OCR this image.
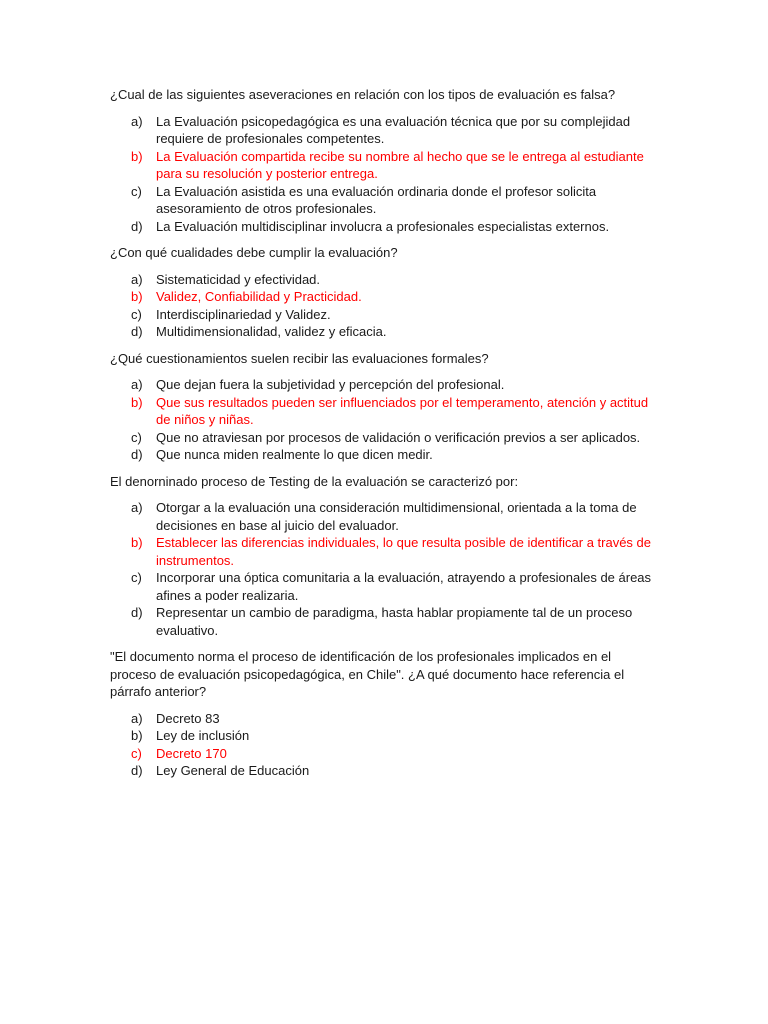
¿Cual de las siguientes aseveraciones en relación con los tipos de evaluación es falsa?

a)	La Evaluación psicopedagógica es una evaluación técnica que por su complejidad requiere de profesionales competentes.
b)	La Evaluación compartida recibe su nombre al hecho que se le entrega al estudiante para su resolución y posterior entrega.
c)	La Evaluación asistida es una evaluación ordinaria donde el profesor solicita asesoramiento de otros profesionales.
d)	La Evaluación multidisciplinar involucra a profesionales especialistas externos.

¿Con qué cualidades debe cumplir la evaluación?

a)	Sistematicidad y efectividad.
b)	Validez, Confiabilidad y Practicidad.
c)	Interdisciplinariedad y Validez.
d)	Multidimensionalidad, validez y eficacia.

¿Qué cuestionamientos suelen recibir las evaluaciones formales?

a)	Que dejan fuera la subjetividad y percepción del profesional.
b)	Que sus resultados pueden ser influenciados por el temperamento, atención y actitud de niños y niñas.
c)	Que no atraviesan por procesos de validación o verificación previos a ser aplicados.
d)	Que nunca miden realmente lo que dicen medir.

El denorninado proceso de Testing de la evaluación se caracterizó por:

a)	Otorgar a la evaluación una consideración multidimensional, orientada a la toma de decisiones en base al juicio del evaluador.
b)	Establecer las diferencias individuales, lo que resulta posible de identificar a través de instrumentos.
c)	Incorporar una óptica comunitaria a la evaluación, atrayendo a profesionales de áreas afines a poder realizaria.
d)	Representar un cambio de paradigma, hasta hablar propiamente tal de un proceso evaluativo.

"El documento norma el proceso de identificación de los profesionales implicados en el proceso de evaluación psicopedagógica, en Chile". ¿A qué documento hace referencia el párrafo anterior?

a)	Decreto 83
b)	Ley de inclusión
c)	Decreto 170
d)	Ley General de Educación
